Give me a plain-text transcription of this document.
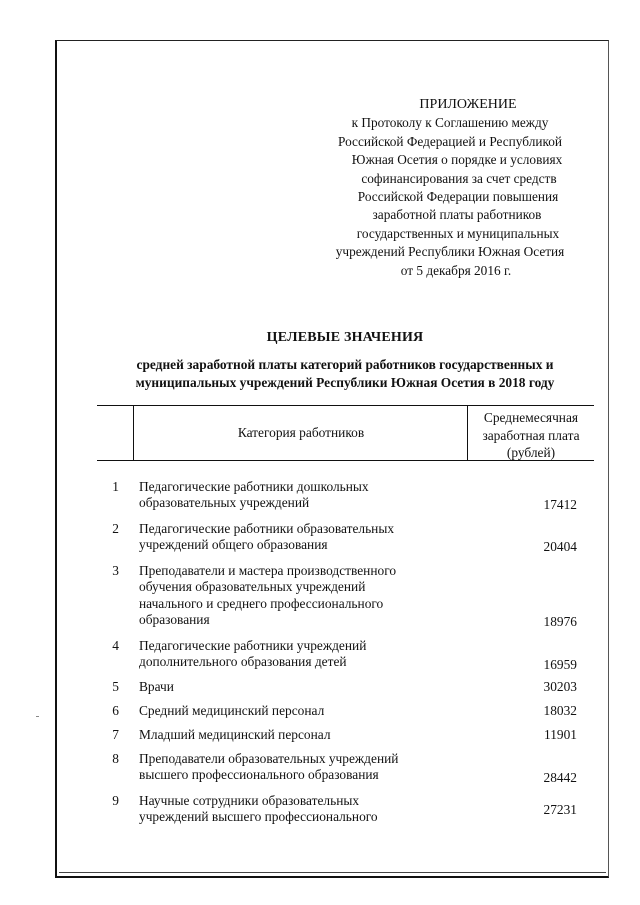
ПРИЛОЖЕНИЕ
к Протоколу к Соглашению между
Российской Федерацией и Республикой
Южная Осетия о порядке и условиях
софинансирования за счет средств
Российской Федерации повышения
заработной платы работников
государственных и муниципальных
учреждений Республики Южная Осетия
от 5 декабря 2016 г.
ЦЕЛЕВЫЕ ЗНАЧЕНИЯ
средней заработной платы категорий работников государственных и
муниципальных учреждений Республики Южная Осетия в 2018 году
Категория работников
Среднемесячная
заработная плата
(рублей)
1 Педагогические работники дошкольных
образовательных учреждений	17412
2 Педагогические работники образовательных
учреждений общего образования	20404
3 Преподаватели и мастера производственного
обучения образовательных учреждений
начального и среднего профессионального
образования	18976
4 Педагогические работники учреждений
дополнительного образования детей	16959
5 Врачи	30203
6 Средний медицинский персонал	18032
7 Младший медицинский персонал	11901
8 Преподаватели образовательных учреждений
высшего профессионального образования	28442
9 Научные сотрудники образовательных
учреждений высшего профессионального	27231
